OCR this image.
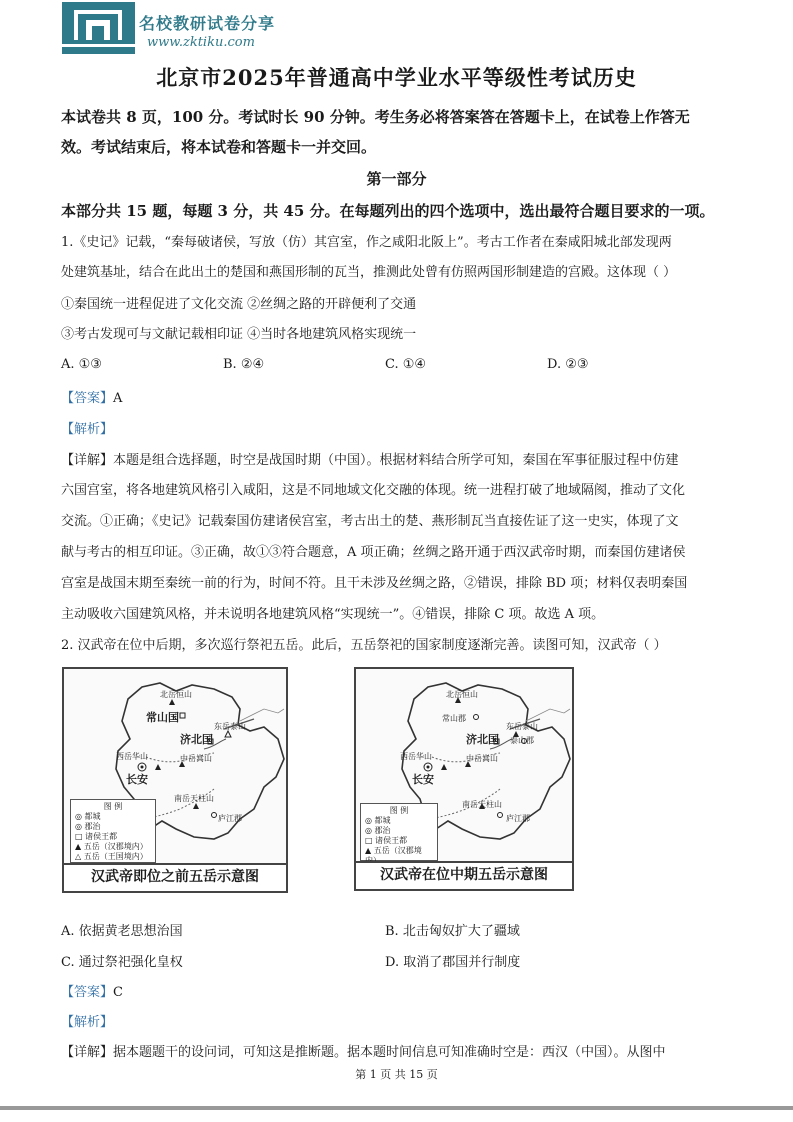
名校教研试卷分享
www.zktiku.com
北京市2025年普通高中学业水平等级性考试历史
本试卷共 8 页，100 分。考试时长 90 分钟。考生务必将答案答在答题卡上，在试卷上作答无
效。考试结束后，将本试卷和答题卡一并交回。
第一部分
本部分共 15 题，每题 3 分，共 45 分。在每题列出的四个选项中，选出最符合题目要求的一项。
1.《史记》记载，“秦每破诸侯，写放（仿）其宫室，作之咸阳北阪上”。考古工作者在秦咸阳城北部发现两
处建筑基址，结合在此出土的楚国和燕国形制的瓦当，推测此处曾有仿照两国形制建造的宫殿。这体现（ ）
①秦国统一进程促进了文化交流 ②丝绸之路的开辟便利了交通
③考古发现可与文献记载相印证 ④当时各地建筑风格实现统一
A. ①③	B. ②④	C. ①④	D. ②③
【答案】A
【解析】
【详解】本题是组合选择题，时空是战国时期（中国）。根据材料结合所学可知，秦国在军事征服过程中仿建
六国宫室，将各地建筑风格引入咸阳，这是不同地域文化交融的体现。统一进程打破了地域隔阂，推动了文化
交流。①正确；《史记》记载秦国仿建诸侯宫室，考古出土的楚、燕形制瓦当直接佐证了这一史实，体现了文
献与考古的相互印证。③正确，故①③符合题意，A 项正确；丝绸之路开通于西汉武帝时期，而秦国仿建诸侯
宫室是战国末期至秦统一前的行为，时间不符。且干未涉及丝绸之路，②错误，排除 BD 项；材料仅表明秦国
主动吸收六国建筑风格，并未说明各地建筑风格“实现统一”。④错误，排除 C 项。故选 A 项。
2. 汉武帝在位中后期，多次巡行祭祀五岳。此后，五岳祭祀的国家制度逐渐完善。读图可知，汉武帝（ ）
北岳恒山
常山国
济北国
东岳泰山
西岳华山	中岳嵩山
长安
南岳天柱山
庐江郡
图 例
◎ 都城
◎ 郡治
□ 诸侯王都
▲ 五岳（汉郡境内）
△ 五岳（王国境内）
汉武帝即位之前五岳示意图
北岳恒山
常山郡
济北国
东岳泰山
泰山郡
西岳华山	中岳嵩山
长安
南岳天柱山
庐江郡
图 例
◎ 都城
◎ 郡治
□ 诸侯王都
▲ 五岳（汉郡境
汉武帝在位中期五岳示意图
A. 依据黄老思想治国	B. 北击匈奴扩大了疆域
C. 通过祭祀强化皇权	D. 取消了郡国并行制度
【答案】C
【解析】
【详解】据本题题干的设问词，可知这是推断题。据本题时间信息可知准确时空是：西汉（中国）。从图中
第 1 页 共 15 页
